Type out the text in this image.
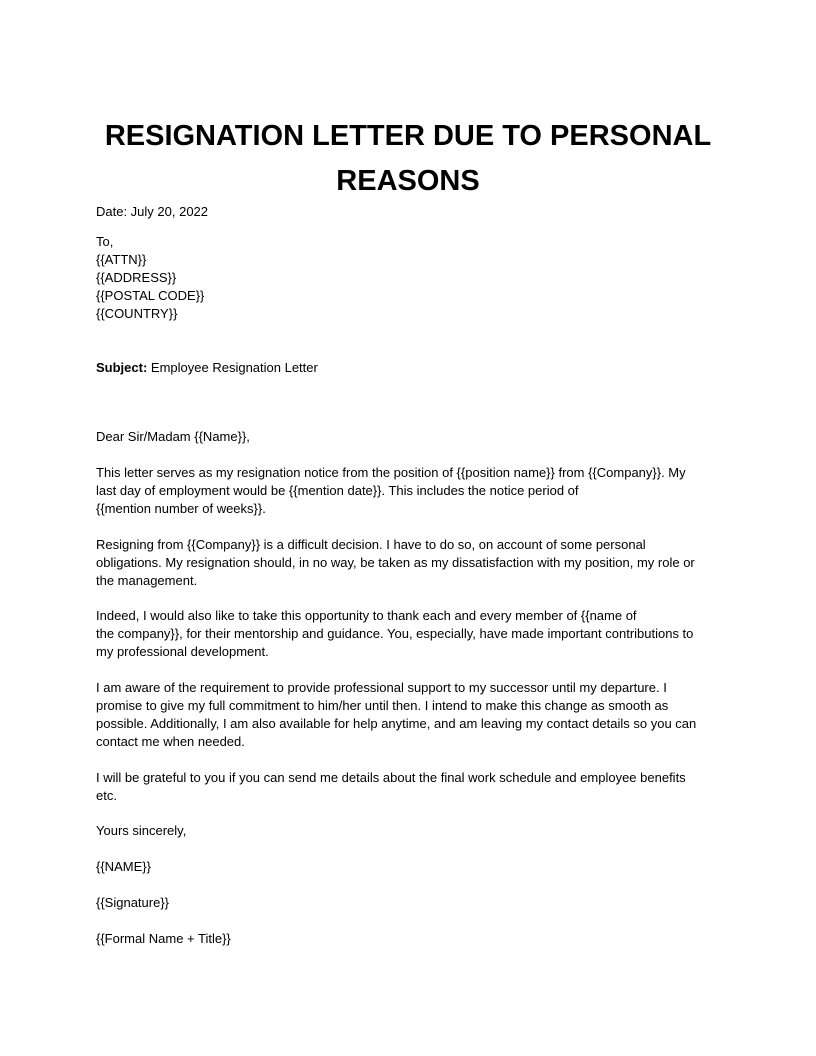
RESIGNATION LETTER DUE TO PERSONAL REASONS

Date: July 20, 2022

To,
{{ATTN}}
{{ADDRESS}}
{{POSTAL CODE}}
{{COUNTRY}}

Subject: Employee Resignation Letter

Dear Sir/Madam {{Name}},

This letter serves as my resignation notice from the position of {{position name}} from {{Company}}. My
last day of employment would be {{mention date}}. This includes the notice period of
{{mention number of weeks}}.

Resigning from {{Company}} is a difficult decision. I have to do so, on account of some personal
obligations. My resignation should, in no way, be taken as my dissatisfaction with my position, my role or
the management.

Indeed, I would also like to take this opportunity to thank each and every member of {{name of
the company}}, for their mentorship and guidance. You, especially, have made important contributions to
my professional development.

I am aware of the requirement to provide professional support to my successor until my departure. I
promise to give my full commitment to him/her until then. I intend to make this change as smooth as
possible. Additionally, I am also available for help anytime, and am leaving my contact details so you can
contact me when needed.

I will be grateful to you if you can send me details about the final work schedule and employee benefits
etc.

Yours sincerely,

{{NAME}}

{{Signature}}

{{Formal Name + Title}}
